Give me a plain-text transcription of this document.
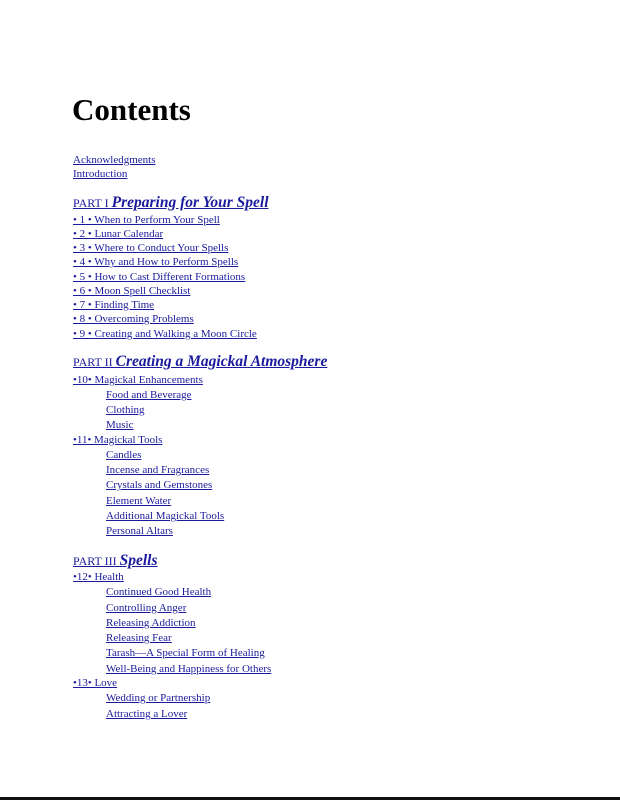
Contents
Acknowledgments
Introduction
PART I Preparing for Your Spell
• 1 • When to Perform Your Spell
• 2 • Lunar Calendar
• 3 • Where to Conduct Your Spells
• 4 • Why and How to Perform Spells
• 5 • How to Cast Different Formations
• 6 • Moon Spell Checklist
• 7 • Finding Time
• 8 • Overcoming Problems
• 9 • Creating and Walking a Moon Circle
PART II Creating a Magickal Atmosphere
•10• Magickal Enhancements
Food and Beverage
Clothing
Music
•11• Magickal Tools
Candles
Incense and Fragrances
Crystals and Gemstones
Element Water
Additional Magickal Tools
Personal Altars
PART III Spells
•12• Health
Continued Good Health
Controlling Anger
Releasing Addiction
Releasing Fear
Tarash—A Special Form of Healing
Well-Being and Happiness for Others
•13• Love
Wedding or Partnership
Attracting a Lover
